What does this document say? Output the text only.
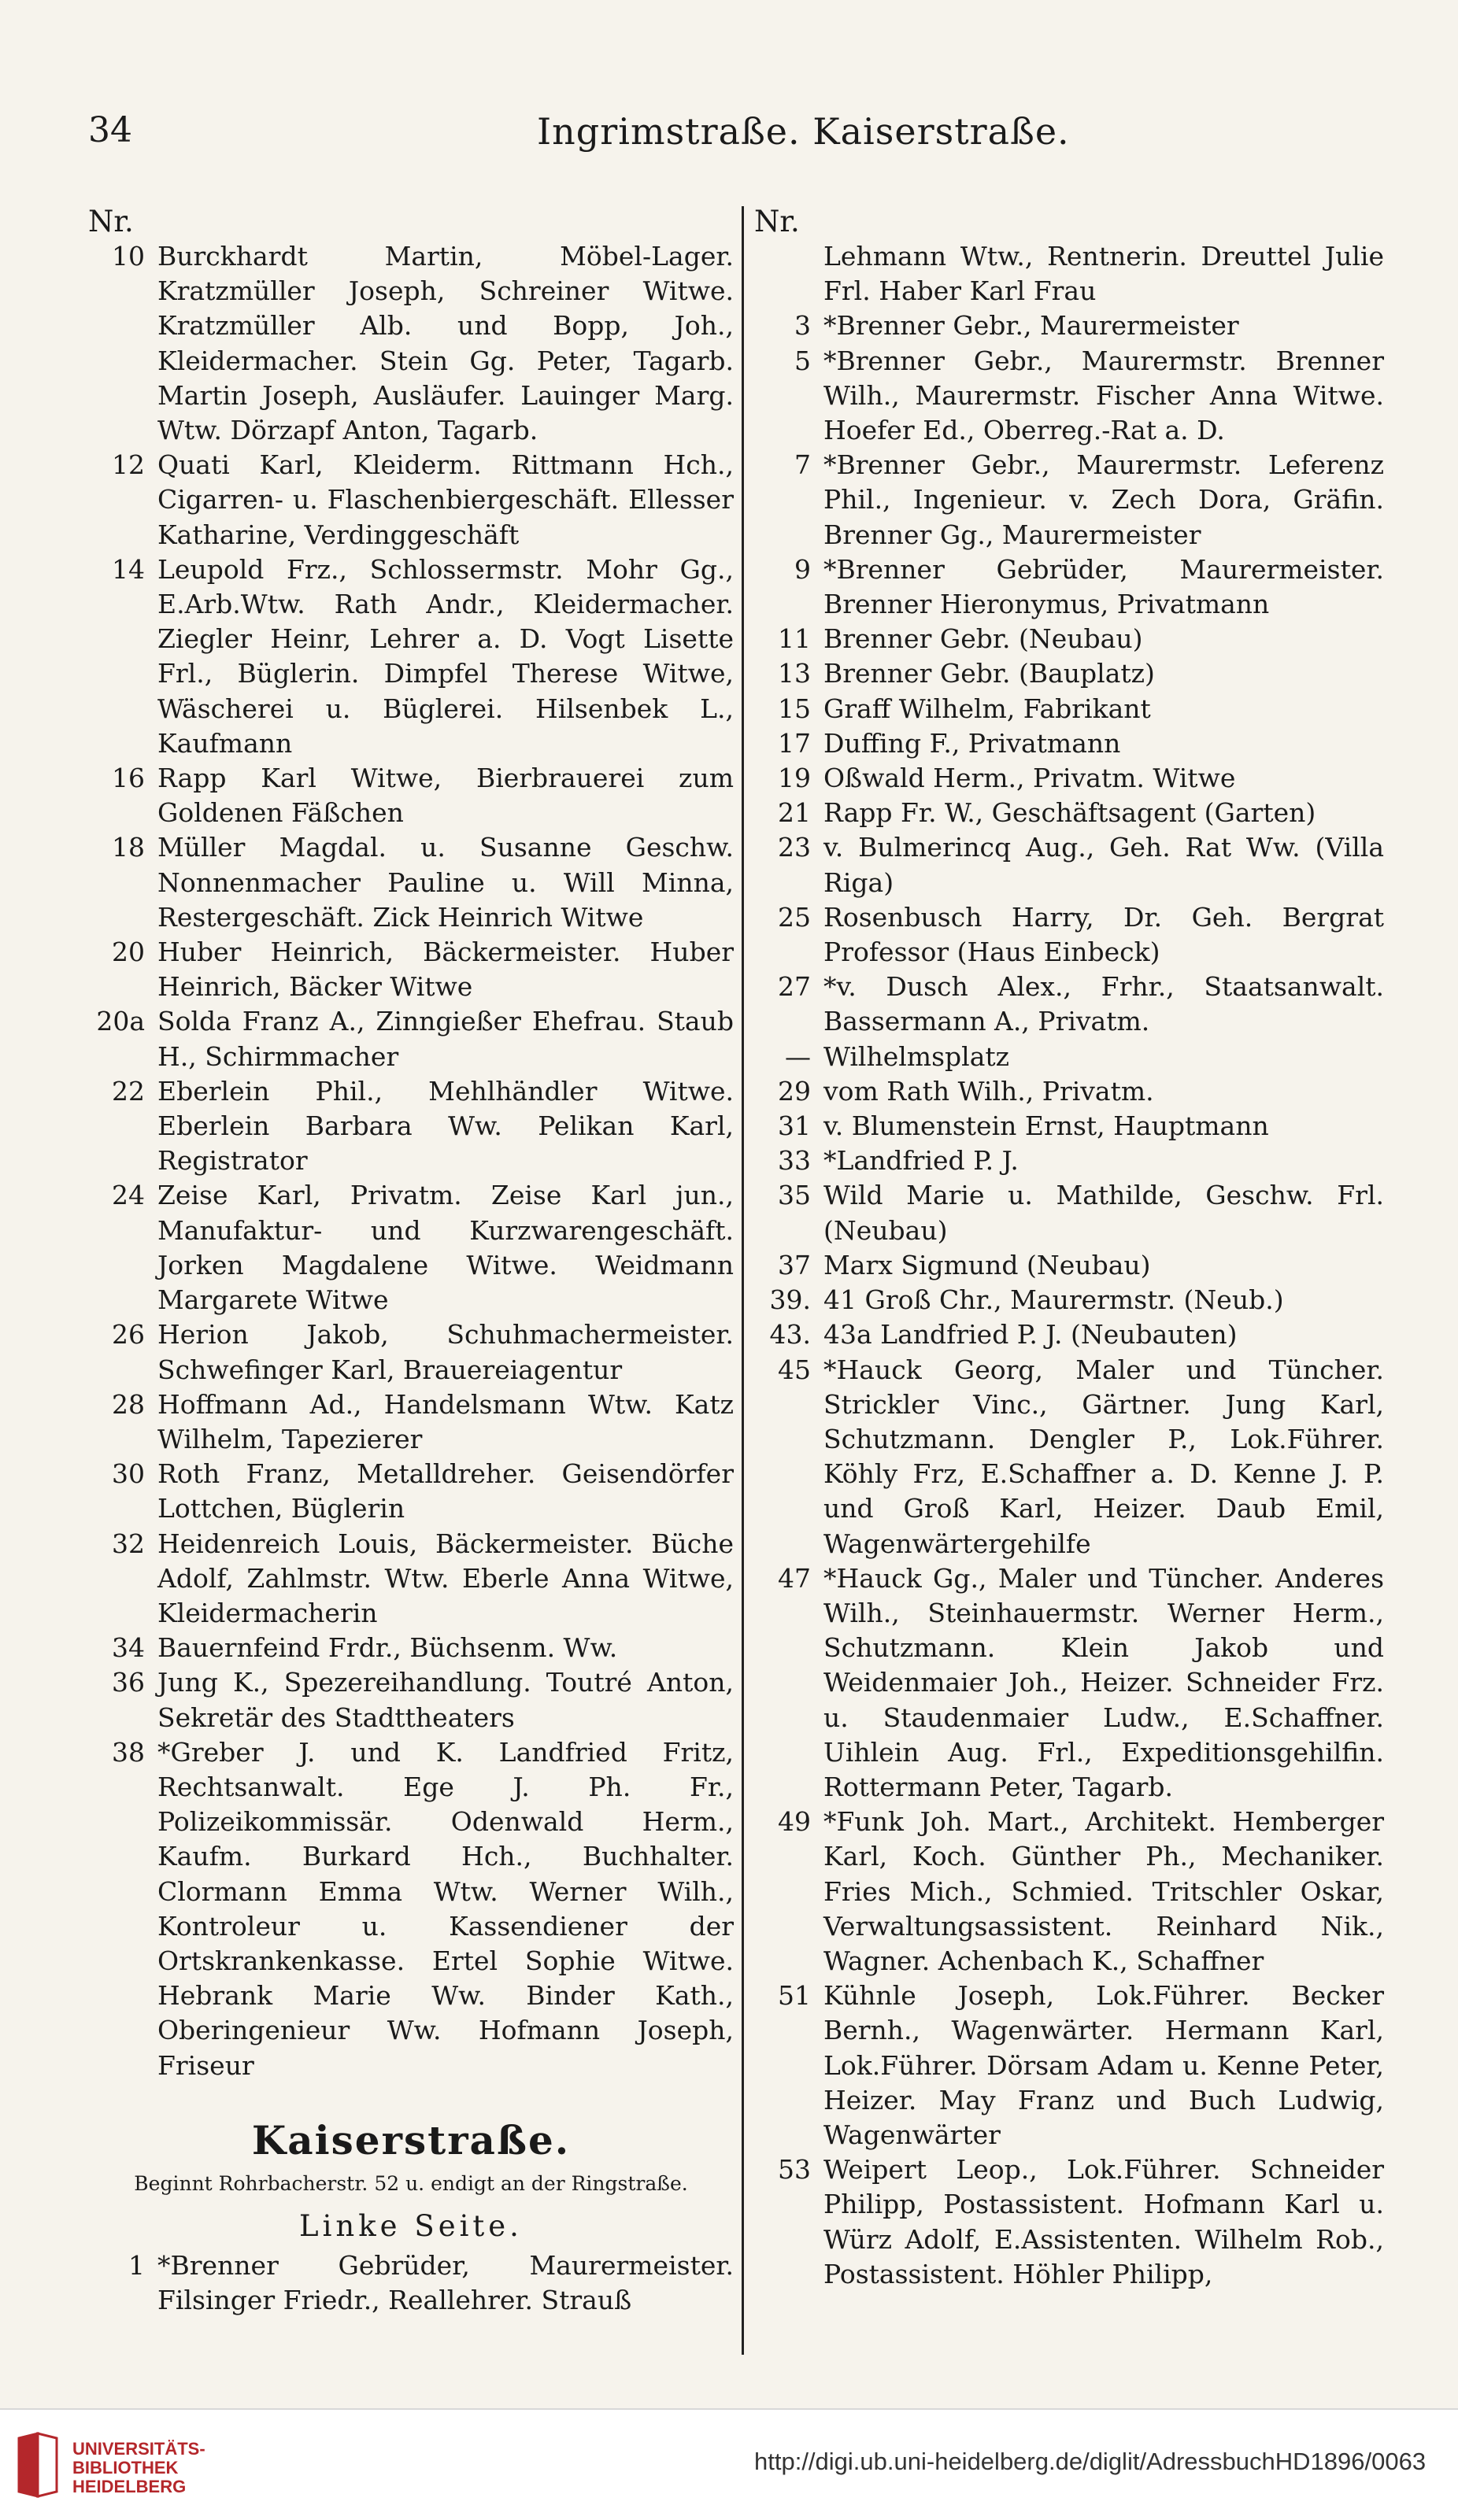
34	Ingrimstraße. Kaiserstraße.
Nr.
10 Burckhardt Martin, Möbel-Lager. Kratzmüller Joseph, Schreiner Witwe. Kratzmüller Alb. und Bopp, Joh., Kleidermacher. Stein Gg. Peter, Tagarb. Martin Joseph, Ausläufer. Lauinger Marg. Wtw. Dörzapf Anton, Tagarb.
12 Quati Karl, Kleiderm. Rittmann Hch., Cigarren- u. Flaschenbiergeschäft. Ellesser Katharine, Verdinggeschäft
14 Leupold Frz., Schlossermstr. Mohr Gg., E.Arb.Wtw. Rath Andr., Kleidermacher. Ziegler Heinr, Lehrer a. D. Vogt Lisette Frl., Büglerin. Dimpfel Therese Witwe, Wäscherei u. Büglerei. Hilsenbek L., Kaufmann
16 Rapp Karl Witwe, Bierbrauerei zum Goldenen Fäßchen
18 Müller Magdal. u. Susanne Geschw. Nonnenmacher Pauline u. Will Minna, Restergeschäft. Zick Heinrich Witwe
20 Huber Heinrich, Bäckermeister. Huber Heinrich, Bäcker Witwe
20a Solda Franz A., Zinngießer Ehefrau. Staub H., Schirmmacher
22 Eberlein Phil., Mehlhändler Witwe. Eberlein Barbara Ww. Pelikan Karl, Registrator
24 Zeise Karl, Privatm. Zeise Karl jun., Manufaktur- und Kurzwarengeschäft. Jorken Magdalene Witwe. Weidmann Margarete Witwe
26 Herion Jakob, Schuhmachermeister. Schwefinger Karl, Brauereiagentur
28 Hoffmann Ad., Handelsmann Wtw. Katz Wilhelm, Tapezierer
30 Roth Franz, Metalldreher. Geisendörfer Lottchen, Büglerin
32 Heidenreich Louis, Bäckermeister. Büche Adolf, Zahlmstr. Wtw. Eberle Anna Witwe, Kleidermacherin
34 Bauernfeind Frdr., Büchsenm. Ww.
36 Jung K., Spezereihandlung. Toutré Anton, Sekretär des Stadttheaters
38 *Greber J. und K. Landfried Fritz, Rechtsanwalt. Ege J. Ph. Fr., Polizeikommissär. Odenwald Herm., Kaufm. Burkard Hch., Buchhalter. Clormann Emma Wtw. Werner Wilh., Kontroleur u. Kassendiener der Ortskrankenkasse. Ertel Sophie Witwe. Hebrank Marie Ww. Binder Kath., Oberingenieur Ww. Hofmann Joseph, Friseur
Kaiserstraße.
Beginnt Rohrbacherstr. 52 u. endigt an der Ringstraße.
Linke Seite.
1 *Brenner Gebrüder, Maurermeister. Filsinger Friedr., Reallehrer. Strauß
Nr.
Lehmann Wtw., Rentnerin. Dreuttel Julie Frl. Haber Karl Frau
3 *Brenner Gebr., Maurermeister
5 *Brenner Gebr., Maurermstr. Brenner Wilh., Maurermstr. Fischer Anna Witwe. Hoefer Ed., Oberreg.-Rat a. D.
7 *Brenner Gebr., Maurermstr. Leferenz Phil., Ingenieur. v. Zech Dora, Gräfin. Brenner Gg., Maurermeister
9 *Brenner Gebrüder, Maurermeister. Brenner Hieronymus, Privatmann
11 Brenner Gebr. (Neubau)
13 Brenner Gebr. (Bauplatz)
15 Graff Wilhelm, Fabrikant
17 Duffing F., Privatmann
19 Oßwald Herm., Privatm. Witwe
21 Rapp Fr. W., Geschäftsagent (Garten)
23 v. Bulmerincq Aug., Geh. Rat Ww. (Villa Riga)
25 Rosenbusch Harry, Dr. Geh. Bergrat Professor (Haus Einbeck)
27 *v. Dusch Alex., Frhr., Staatsanwalt. Bassermann A., Privatm.
— Wilhelmsplatz
29 vom Rath Wilh., Privatm.
31 v. Blumenstein Ernst, Hauptmann
33 *Landfried P. J.
35 Wild Marie u. Mathilde, Geschw. Frl. (Neubau)
37 Marx Sigmund (Neubau)
39. 41 Groß Chr., Maurermstr. (Neub.)
43. 43a Landfried P. J. (Neubauten)
45 *Hauck Georg, Maler und Tüncher. Strickler Vinc., Gärtner. Jung Karl, Schutzmann. Dengler P., Lok.Führer. Köhly Frz, E.Schaffner a. D. Kenne J. P. und Groß Karl, Heizer. Daub Emil, Wagenwärtergehilfe
47 *Hauck Gg., Maler und Tüncher. Anderes Wilh., Steinhauermstr. Werner Herm., Schutzmann. Klein Jakob und Weidenmaier Joh., Heizer. Schneider Frz. u. Staudenmaier Ludw., E.Schaffner. Uihlein Aug. Frl., Expeditionsgehilfin. Rottermann Peter, Tagarb.
49 *Funk Joh. Mart., Architekt. Hemberger Karl, Koch. Günther Ph., Mechaniker. Fries Mich., Schmied. Tritschler Oskar, Verwaltungsassistent. Reinhard Nik., Wagner. Achenbach K., Schaffner
51 Kühnle Joseph, Lok.Führer. Becker Bernh., Wagenwärter. Hermann Karl, Lok.Führer. Dörsam Adam u. Kenne Peter, Heizer. May Franz und Buch Ludwig, Wagenwärter
53 Weipert Leop., Lok.Führer. Schneider Philipp, Postassistent. Hofmann Karl u. Würz Adolf, E.Assistenten. Wilhelm Rob., Postassistent. Höhler Philipp,
UNIVERSITÄTS-
BIBLIOTHEK
HEIDELBERG
http://digi.ub.uni-heidelberg.de/diglit/AdressbuchHD1896/0063
